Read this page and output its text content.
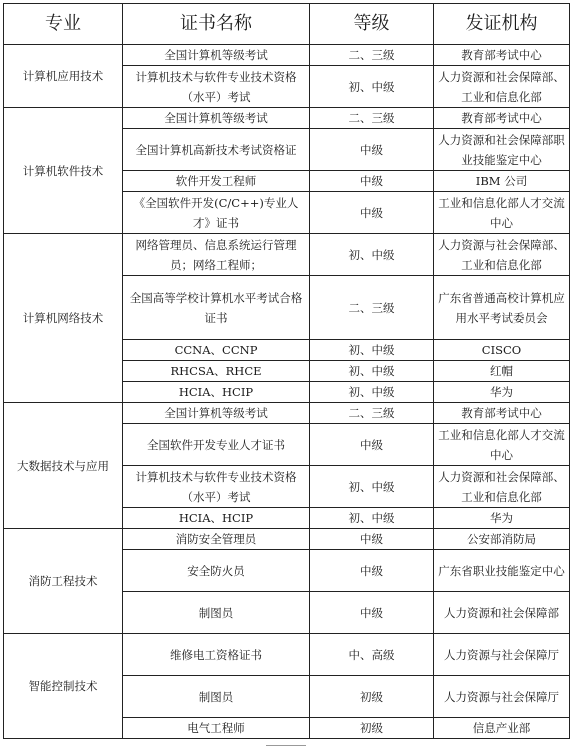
专业	证书名称	等级	发证机构
计算机应用技术	全国计算机等级考试	二、三级	教育部考试中心
	计算机技术与软件专业技术资格（水平）考试	初、中级	人力资源和社会保障部、工业和信息化部
计算机软件技术	全国计算机等级考试	二、三级	教育部考试中心
	全国计算机高新技术考试资格证	中级	人力资源和社会保障部职业技能鉴定中心
	软件开发工程师	中级	IBM 公司
	《全国软件开发(C/C++)专业人才》证书	中级	工业和信息化部人才交流中心
计算机网络技术	网络管理员、信息系统运行管理员；网络工程师；	初、中级	人力资源与社会保障部、工业和信息化部
	全国高等学校计算机水平考试合格证书	二、三级	广东省普通高校计算机应用水平考试委员会
	CCNA、CCNP	初、中级	CISCO
	RHCSA、RHCE	初、中级	红帽
	HCIA、HCIP	初、中级	华为
大数据技术与应用	全国计算机等级考试	二、三级	教育部考试中心
	全国软件开发专业人才证书	中级	工业和信息化部人才交流中心
	计算机技术与软件专业技术资格（水平）考试	初、中级	人力资源和社会保障部、工业和信息化部
	HCIA、HCIP	初、中级	华为
消防工程技术	消防安全管理员	中级	公安部消防局
	安全防火员	中级	广东省职业技能鉴定中心
	制图员	中级	人力资源和社会保障部
智能控制技术	维修电工资格证书	中、高级	人力资源与社会保障厅
	制图员	初级	人力资源与社会保障厅
	电气工程师	初级	信息产业部
